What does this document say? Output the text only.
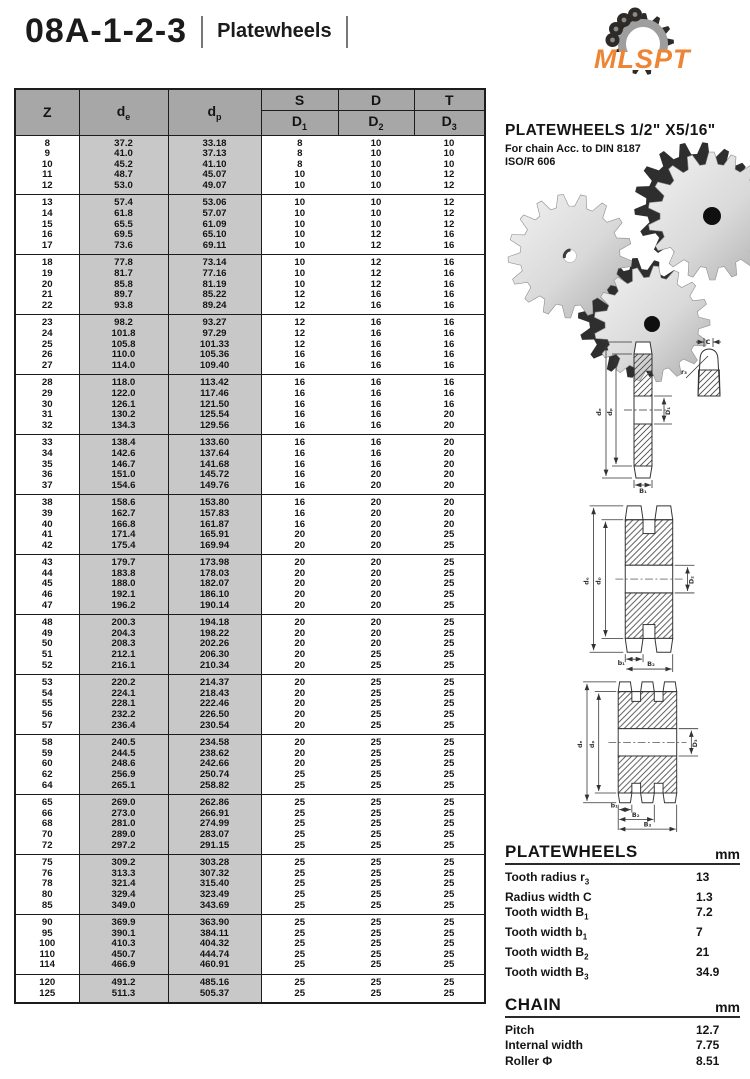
08A-1-2-3 Platewheels
MLSPT
Z	$d_e$	$d_p$	S	D	T
			$D_1$	$D_2$	$D_3$
8	37.2	33.18	8	10	10
9	41.0	37.13	8	10	10
10	45.2	41.10	8	10	10
11	48.7	45.07	10	10	12
12	53.0	49.07	10	10	12
13	57.4	53.06	10	10	12
14	61.8	57.07	10	10	12
15	65.5	61.09	10	10	12
16	69.5	65.10	10	12	16
17	73.6	69.11	10	12	16
18	77.8	73.14	10	12	16
19	81.7	77.16	10	12	16
20	85.8	81.19	10	12	16
21	89.7	85.22	12	16	16
22	93.8	89.24	12	16	16
23	98.2	93.27	12	16	16
24	101.8	97.29	12	16	16
25	105.8	101.33	12	16	16
26	110.0	105.36	16	16	16
27	114.0	109.40	16	16	16
28	118.0	113.42	16	16	16
29	122.0	117.46	16	16	16
30	126.1	121.50	16	16	16
31	130.2	125.54	16	16	20
32	134.3	129.56	16	16	20
33	138.4	133.60	16	16	20
34	142.6	137.64	16	16	20
35	146.7	141.68	16	16	20
36	151.0	145.72	16	20	20
37	154.6	149.76	16	20	20
38	158.6	153.80	16	20	20
39	162.7	157.83	16	20	20
40	166.8	161.87	16	20	20
41	171.4	165.91	20	20	25
42	175.4	169.94	20	20	25
43	179.7	173.98	20	20	25
44	183.8	178.03	20	20	25
45	188.0	182.07	20	20	25
46	192.1	186.10	20	20	25
47	196.2	190.14	20	20	25
48	200.3	194.18	20	20	25
49	204.3	198.22	20	20	25
50	208.3	202.26	20	20	25
51	212.1	206.30	20	25	25
52	216.1	210.34	20	25	25
53	220.2	214.37	20	25	25
54	224.1	218.43	20	25	25
55	228.1	222.46	20	25	25
56	232.2	226.50	20	25	25
57	236.4	230.54	20	25	25
58	240.5	234.58	20	25	25
59	244.5	238.62	20	25	25
60	248.6	242.66	20	25	25
62	256.9	250.74	25	25	25
64	265.1	258.82	25	25	25
65	269.0	262.86	25	25	25
66	273.0	266.91	25	25	25
68	281.0	274.99	25	25	25
70	289.0	283.07	25	25	25
72	297.2	291.15	25	25	25
75	309.2	303.28	25	25	25
76	313.3	307.32	25	25	25
78	321.4	315.40	25	25	25
80	329.4	323.49	25	25	25
85	349.0	343.69	25	25	25
90	369.9	363.90	25	25	25
95	390.1	384.11	25	25	25
100	410.3	404.32	25	25	25
110	450.7	444.74	25	25	25
114	466.9	460.91	25	25	25
120	491.2	485.16	25	25	25
125	511.3	505.37	25	25	25
PLATEWHEELS 1/2" X5/16"
For chain Acc. to DIN 8187
ISO/R 606
C
r₃
dₑ dₚ	D₁
B₁
dₑ dₚ	D₂
b₁	B₂
dₑ dₚ	D₃
b₁
B₂
B₃
PLATEWHEELS	mm
Tooth radius $r_3$	13
Radius width C	1.3
Tooth width $B_1$	7.2
Tooth width $b_1$	7
Tooth width $B_2$	21
Tooth width $B_3$	34.9
CHAIN	mm
Pitch	12.7
Internal width	7.75
Roller Φ	8.51
